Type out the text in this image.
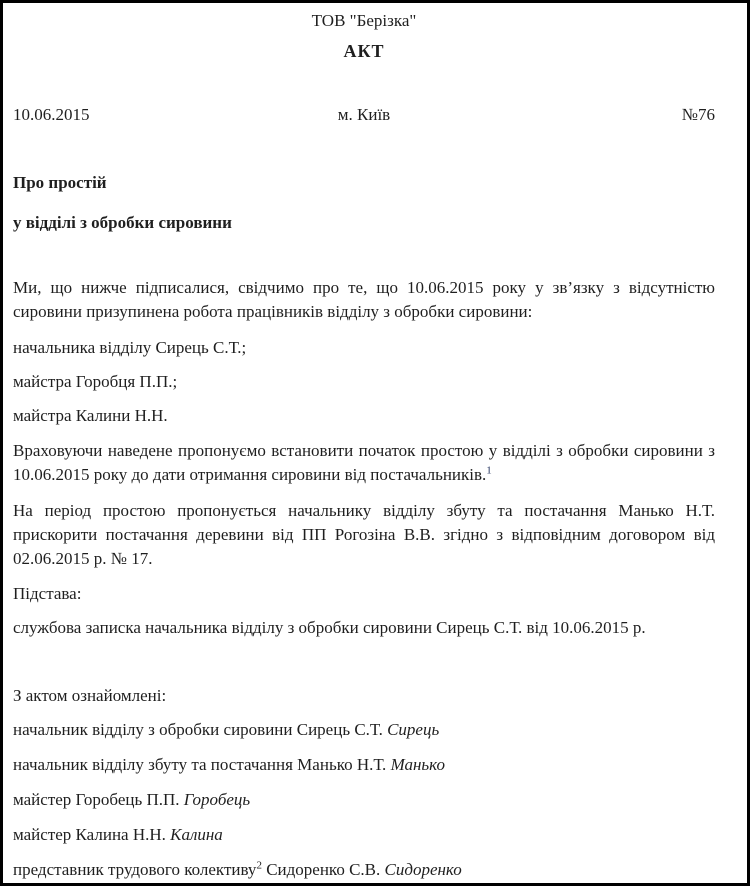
ТОВ "Берізка"

АКТ

10.06.2015	м. Київ	№76

Про простій

у відділі з обробки сировини

Ми, що нижче підписалися, свідчимо про те, що 10.06.2015 року у зв’язку з відсутністю сировини призупинена робота працівників відділу з обробки сировини:

начальника відділу Сирець С.Т.;

майстра Горобця П.П.;

майстра Калини Н.Н.

Враховуючи наведене пропонуємо встановити початок простою у відділі з обробки сировини з 10.06.2015 року до дати отримання сировини від постачальників.$^1$

На період простою пропонується начальнику відділу збуту та постачання Манько Н.Т. прискорити постачання деревини від ПП Рогозіна В.В. згідно з відповідним договором від 02.06.2015 р. № 17.

Підстава:

службова записка начальника відділу з обробки сировини Сирець С.Т. від 10.06.2015 р.

З актом ознайомлені:

начальник відділу з обробки сировини Сирець С.Т. Сирець

начальник відділу збуту та постачання Манько Н.Т. Манько

майстер Горобець П.П. Горобець

майстер Калина Н.Н. Калина

представник трудового колективу$^2$ Сидоренко С.В. Сидоренко
